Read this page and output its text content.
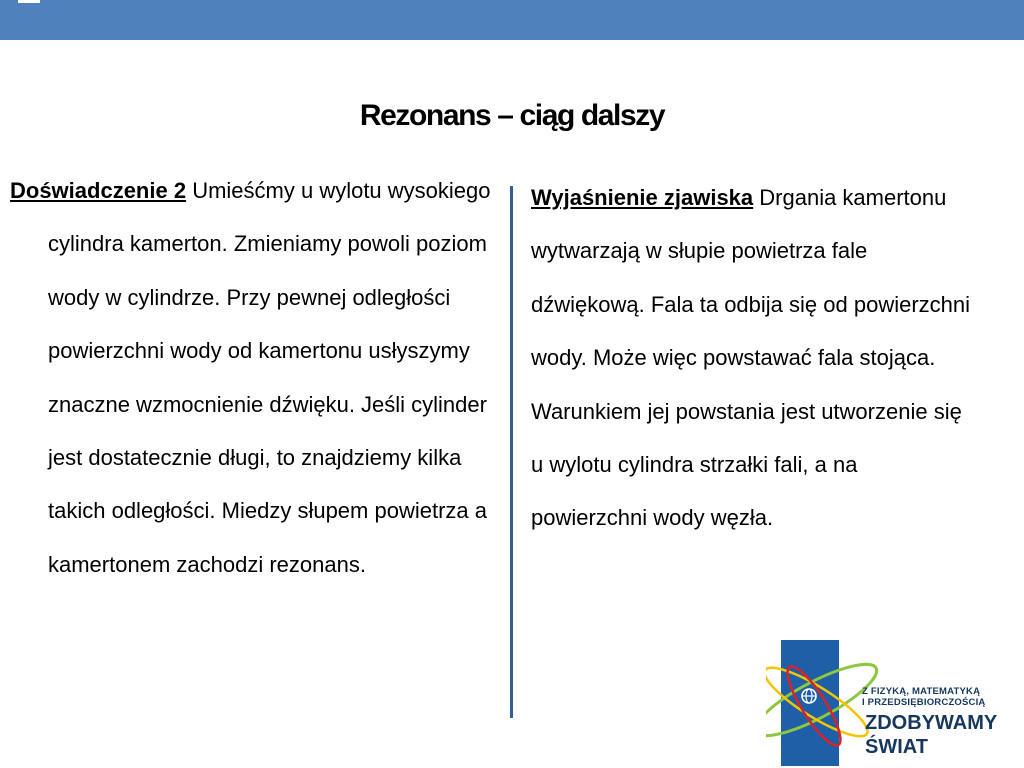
Rezonans – ciąg dalszy
Doświadczenie 2 Umieśćmy u wylotu wysokiego cylindra kamerton. Zmieniamy powoli poziom wody w cylindrze. Przy pewnej odległości powierzchni wody od kamertonu usłyszymy znaczne wzmocnienie dźwięku. Jeśli cylinder jest dostatecznie długi, to znajdziemy kilka takich odległości. Miedzy słupem powietrza a kamertonem zachodzi rezonans.
Wyjaśnienie zjawiska Drgania kamertonu wytwarzają w słupie powietrza fale dźwiękową. Fala ta odbija się od powierzchni wody. Może więc powstawać fala stojąca. Warunkiem jej powstania jest utworzenie się u wylotu cylindra strzałki fali, a na powierzchni wody węzła.
Z FIZYKĄ, MATEMATYKĄ
I PRZEDSIĘBIORCZOŚCIĄ
ZDOBYWAMY
ŚWIAT
